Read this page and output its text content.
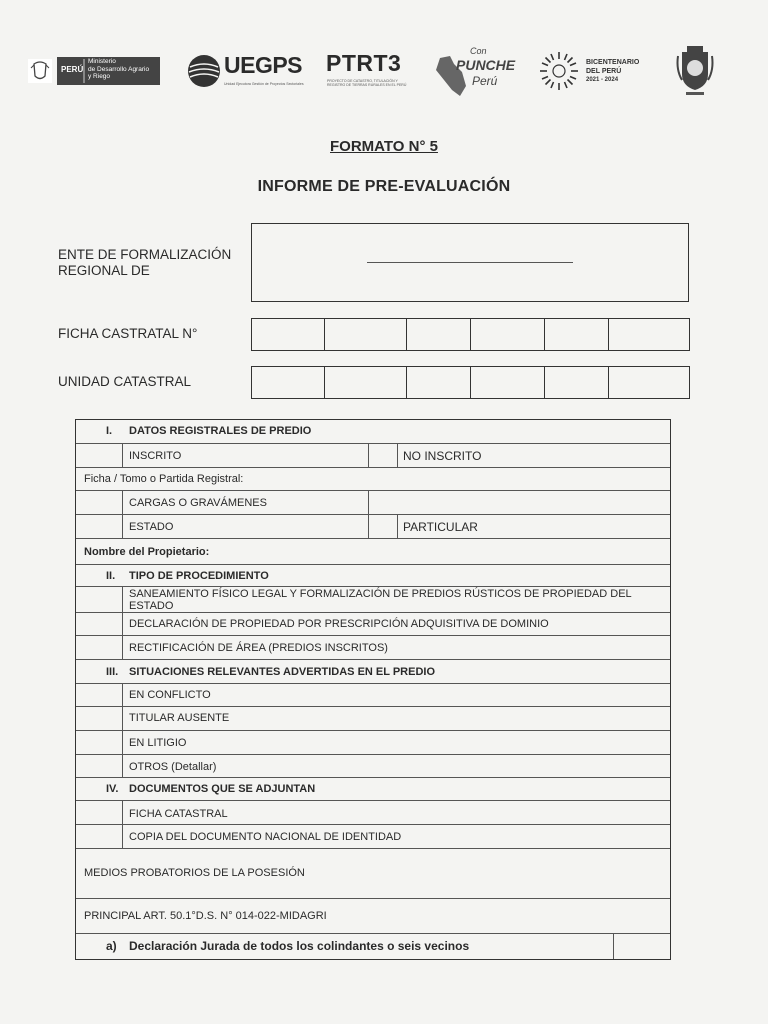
PERÚ
Ministerio
de Desarrollo Agrario
y Riego	UEGPS
Unidad Ejecutora Gestión de Proyectos Sectoriales
PTRT3
PROYECTO DE CATASTRO, TITULACIÓN Y
REGISTRO DE TIERRAS RURALES EN EL PERÚ
Con
PUNCHE
Perú
BICENTENARIO
DEL PERÚ
2021 - 2024
FORMATO N° 5
INFORME DE PRE-EVALUACIÓN
ENTE DE FORMALIZACIÓN
REGIONAL DE
FICHA CASTRATAL N°
UNIDAD CATASTRAL
I. DATOS REGISTRALES DE PREDIO
INSCRITO	NO INSCRITO
Ficha / Tomo o Partida Registral:
CARGAS O GRAVÁMENES
ESTADO	PARTICULAR
Nombre del Propietario:
II. TIPO DE PROCEDIMIENTO
SANEAMIENTO FÍSICO LEGAL Y FORMALIZACIÓN DE PREDIOS RÚSTICOS DE PROPIEDAD DEL
ESTADO
DECLARACIÓN DE PROPIEDAD POR PRESCRIPCIÓN ADQUISITIVA DE DOMINIO
RECTIFICACIÓN DE ÁREA (PREDIOS INSCRITOS)
III. SITUACIONES RELEVANTES ADVERTIDAS EN EL PREDIO
EN CONFLICTO
TITULAR AUSENTE
EN LITIGIO
OTROS (Detallar)
IV. DOCUMENTOS QUE SE ADJUNTAN
FICHA CATASTRAL
COPIA DEL DOCUMENTO NACIONAL DE IDENTIDAD
MEDIOS PROBATORIOS DE LA POSESIÓN
PRINCIPAL ART. 50.1°D.S. N° 014-022-MIDAGRI
a) Declaración Jurada de todos los colindantes o seis vecinos
